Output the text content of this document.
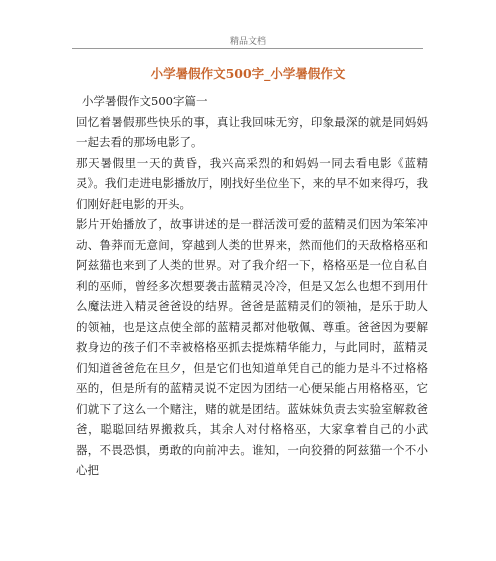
精品文档
小学暑假作文500字_小学暑假作文

小学暑假作文500字篇一

回忆着暑假那些快乐的事，真让我回味无穷，印象最深的就是同妈妈一起去看的那场电影了。

那天暑假里一天的黄昏，我兴高采烈的和妈妈一同去看电影《蓝精灵》。我们走进电影播放厅，刚找好坐位坐下，来的早不如来得巧，我们刚好赶电影的开头。

影片开始播放了，故事讲述的是一群活泼可爱的蓝精灵们因为笨笨冲动、鲁莽而无意间，穿越到人类的世界来，然而他们的天敌格格巫和阿兹猫也来到了人类的世界。对了我介绍一下，格格巫是一位自私自利的巫师，曾经多次想要袭击蓝精灵冷冷，但是又怎么也想不到用什么魔法进入精灵爸爸设的结界。爸爸是蓝精灵们的领袖，是乐于助人的领袖，也是这点使全部的蓝精灵都对他敬佩、尊重。爸爸因为要解救身边的孩子们不幸被格格巫抓去提炼精华能力，与此同时，蓝精灵们知道爸爸危在旦夕，但是它们也知道单凭自己的能力是斗不过格格巫的，但是所有的蓝精灵说不定因为团结一心便呆能占用格格巫，它们就下了这么一个赌注，赌的就是团结。蓝妹妹负责去实验室解救爸爸，聪聪回结界搬救兵，其余人对付格格巫，大家拿着自己的小武器，不畏恐惧，勇敢的向前冲去。谁知，一向狡猾的阿兹猫一个不小心把
